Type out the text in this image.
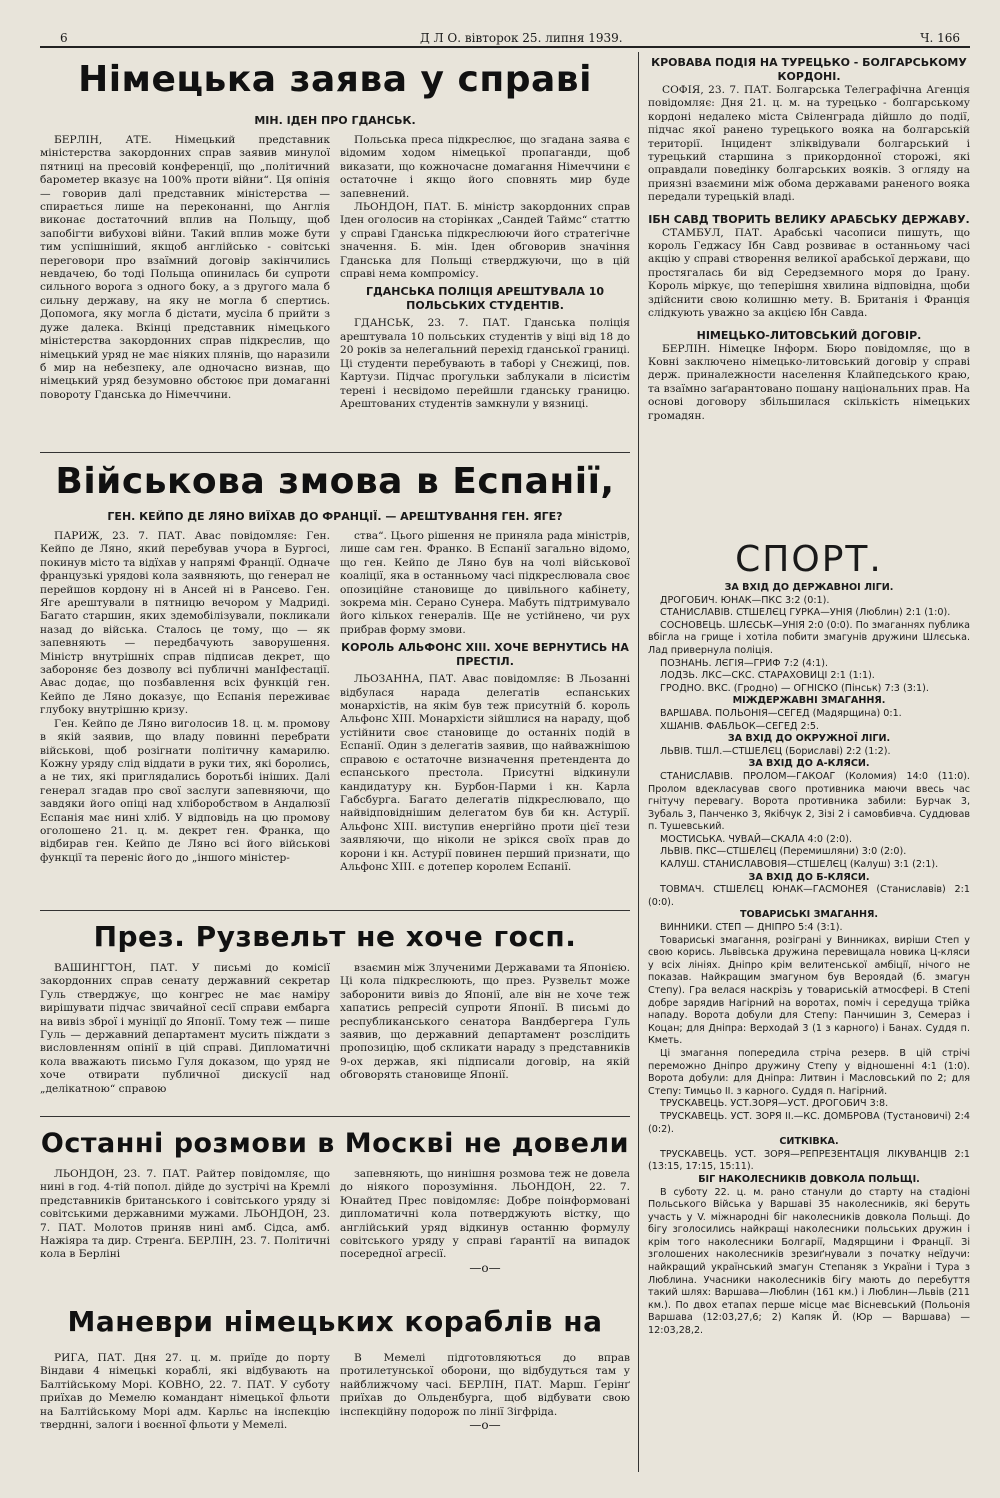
6	Д Л О. вівторок 25. липня 1939.	Ч. 166
Німецька заява у справі
МІН. ІДЕН ПРО ГДАНСЬК.

БЕРЛІН, АТЕ. Німецький представник міністерства закордонних справ заявив минулої пятниці на пресовій конференції, що „політичний барометер вказує на 100% проти війни“. Ця опінія — говорив далі представник міністерства — спирається лише на переконанні, що Англія виконає достаточний вплив на Польщу, щоб запобігти вибухові війни. Такий вплив може бути тим успішніший, якщоб англійсько - совітські переговори про взаїмний договір закінчились невдачею, бо тоді Польща опинилась би супроти сильного ворога з одного боку, а з другого мала б сильну державу, на яку не могла б спертись. Допомога, яку могла б дістати, мусіла б прийти з дуже далека. Вкінці представник німецького міністерства закордонних справ підкреслив, що німецький уряд не має ніяких плянів, що наразили б мир на небезпеку, але одночасно визнав, що німецький уряд безумовно обстоює при домаганні повороту Гданська до Німеччини.

Польська преса підкреслює, що згадана заява є відомим ходом німецької пропаганди, щоб виказати, що кожночасне домагання Німеччини є остаточне і якщо його сповнять мир буде запевнений.

ЛЬОНДОН, ПАТ. Б. міністр закордонних справ Іден оголосив на сторінках „Сандей Таймс“ статтю у справі Гданська підкреслюючи його стратегічне значення. Б. мін. Іден обговорив значіння Гданська для Польщі стверджуючи, що в цій справі нема компромісу.

ГДАНСЬКА ПОЛІЦІЯ АРЕШТУВАЛА 10 ПОЛЬСЬКИХ СТУДЕНТІВ.

ГДАНСЬК, 23. 7. ПАТ. Гданська поліція арештувала 10 польських студентів у віці від 18 до 20 років за нелегальний перехід гданської границі. Ці студенти перебувають в таборі у Снєжиці, пов. Картузи. Підчас прогульки заблукали в лісистім терені і несвідомо перейшли гданську границю. Арештованих студентів замкнули у вязниці.

Військова змова в Еспанії,
ГЕН. КЕЙПО ДЕ ЛЯНО ВИЇХАВ ДО ФРАНЦІЇ. — АРЕШТУВАННЯ ГЕН. ЯГЕ?

ПАРИЖ, 23. 7. ПАТ. Авас повідомляє: Ген. Кейпо де Ляно, який перебував учора в Бургосі, покинув місто та відїхав у напрямі Франції. Одначе французькі урядові кола заявняють, що генерал не перейшов кордону ні в Ансей ні в Рансево. Ген. Яге арештували в пятницю вечором у Мадриді. Багато старшин, яких здемобілізували, покликали назад до війська. Сталось це тому, що — як запевняють — передбачують заворушення. Міністр внутрішніх справ підписав декрет, що забороняє без дозволу всі публичні манІфестації. Авас додає, що позбавлення всіх функцій ген. Кейпо де Ляно доказує, що Еспанія переживає глубоку внутрішню кризу.

Ген. Кейпо де Ляно виголосив 18. ц. м. промову в якій заявив, що владу повинні перебрати військові, щоб розігнати політичну камарилю. Кожну уряду слід віддати в руки тих, які боролись, а не тих, які приглядались боротьбі ініших. Далі генерал згадав про свої заслуги запевняючи, що завдяки його опіці над хліборобством в Андалюзії Еспанія має нині хліб. У відповідь на цю промову оголошено 21. ц. м. декрет ген. Франка, що відбирав ген. Кейпо де Ляно всі його військові функції та переніс його до „іншого міністер-

ства“. Цього рішення не приняла рада міністрів, лише сам ген. Франко. В Еспанії загально відомо, що ген. Кейпо де Ляно був на чолі військової коаліції, яка в останньому часі підкреслювала своє опозиційне становище до цивільного кабінету, зокрема мін. Серано Сунера. Мабуть підтримувало його кількох генералів. Ще не устійнено, чи рух прибрав форму змови.

КОРОЛЬ АЛЬФОНС ХІІІ. ХОЧЕ ВЕРНУТИСЬ НА ПРЕСТІЛ.

ЛЬОЗАННА, ПАТ. Авас повідомляє: В Льозанні відбулася нарада делегатів еспанських монархістів, на якім був теж присутній б. король Альфонс ХІІІ. Монархісти зійшлися на нараду, щоб устійнити своє становище до останніх подій в Еспанії. Один з делегатів заявив, що найважнішою справою є остаточне визначення претендента до еспанського престола. Присутні відкинули кандидатуру кн. Бурбон-Парми і кн. Карла Габсбурга. Багато делегатів підкреслювало, що найвідповіднішим делегатом був би кн. Астурії. Альфонс ХІІІ. виступив енергійно проти цієї тези заявляючи, що ніколи не зрікся своїх прав до корони і кн. Астурії повинен перший признати, що Альфонс ХІІІ. є дотепер королем Еспанії.

През. Рузвельт не хоче госп.

ВАШИНГТОН, ПАТ. У письмі до комісії закордонних справ сенату державний секретар Гуль стверджує, що конгрес не має наміру вирішувати підчас звичайної сесії справи ембарга на вивіз зброї і муніції до Японії. Тому теж — пише Гуль — державний департамент мусить піждати з висловленням опінії в цій справі. Дипломатичні кола вважають письмо Гуля доказом, що уряд не хоче отвирати публичної дискусії над „делікатною“ справою

взаємин між Злученими Державами та Японією. Ці кола підкреслюють, що през. Рузвельт може заборонити вивіз до Японії, але він не хоче теж хапатись репресій супроти Японії. В письмі до республиканського сенатора Вандбергера Гуль заявив, що державний департамент розслідить пропозицію, щоб скликати нараду з представників 9-ох держав, які підписали договір, на якій обговорять становище Японії.

Останні розмови в Москві не довели

ЛЬОНДОН, 23. 7. ПАТ. Райтер повідомляє, що нині в год. 4-тій попол. дійде до зустрічі на Кремлі представників британського і совітського уряду зі совітськими державними мужами. ЛЬОНДОН, 23. 7. ПАТ. Молотов приняв нині амб. Сідса, амб. Нажіяра та дир. Стренґа. БЕРЛІН, 23. 7. Політичні кола в Берліні

запевняють, що нинішня розмова теж не довела до ніякого порозуміння. ЛЬОНДОН, 22. 7. Юнайтед Прес повідомляє: Добре поінформовані дипломатичні кола потверджують вістку, що англійський уряд відкинув останню формулу совітського уряду у справі ґарантії на випадок посередної агресії.

—о—
Маневри німецьких кораблів на

РИГА, ПАТ. Дня 27. ц. м. приїде до порту Віндави 4 німецькі кораблі, які відбувають на Балтійському Морі. КОВНО, 22. 7. ПАТ. У суботу приїхав до Мемелю командант німецької фльоти на Балтійському Морі адм. Карльс на інспекцію тверднні, залоги і воєнної фльоти у Мемелі.

В Мемелі підготовляються до вправ протилетунської оборони, що відбудуться там у найближчому часі. БЕРЛІН, ПАТ. Марш. Ґерінґ приїхав до Ольденбурга, щоб відбувати свою інспекційну подорож по лінії Зігфріда.

—о—
КРОВАВА ПОДІЯ НА ТУРЕЦЬКО - БОЛГАРСЬКОМУ КОРДОНІ.

СОФІЯ, 23. 7. ПАТ. Болгарська Телеграфічна Агенція повідомляє: Дня 21. ц. м. на турецько - болгарському кордоні недалеко міста Свіленграда дійшло до події, підчас якої ранено турецького вояка на болгарській території. Інцидент зліквідували болгарський і турецький старшина з прикордонної сторожі, які оправдали поведінку болгарських вояків. З огляду на приязні взаємини між обома державами раненого вояка передали турецькій владі.

ІБН САВД ТВОРИТЬ ВЕЛИКУ АРАБСЬКУ ДЕРЖАВУ.

СТАМБУЛ, ПАТ. Арабські часописи пишуть, що король Геджасу Ібн Савд розвиває в останньому часі акцію у справі створення великої арабської держави, що простягалась би від Середземного моря до Ірану. Король міркує, що теперішня хвилина відповідна, щоби здійснити свою колишню мету. В. Британія і Франція слідкують уважно за акцією Ібн Савда.

НІМЕЦЬКО-ЛИТОВСЬКИЙ ДОГОВІР.

БЕРЛІН. Німецке Інформ. Бюро повідомляє, що в Ковні заключено німецько-литовський договір у справі держ. приналежности населення Клайпедського краю, та взаїмно заґарантовано пошану національних прав. На основі договору збільшилася скількість німецьких громадян.

СПОРТ.
ЗА ВХІД ДО ДЕРЖАВНОЇ ЛІГИ.
ДРОГОБИЧ. ЮНАК—ПКС 3:2 (0:1).
СТАНИСЛАВІВ. СТШЕЛЄЦ ГУРКА—УНІЯ (Люблин) 2:1 (1:0).
СОСНОВЕЦЬ. ШЛЄСЬК—УНІЯ 2:0 (0:0). По змаганнях публика вбігла на грище і хотіла побити змагунів дружини Шлєська. Лад привернула поліція.
ПОЗНАНЬ. ЛЄГІЯ—ГРИФ 7:2 (4:1).
ЛОДЗЬ. ЛКС—СКС. СТАРАХОВИЦІ 2:1 (1:1).
ГРОДНО. ВКС. (Гродно) — ОГНІСКО (Пінськ) 7:3 (3:1).
МІЖДЕРЖАВНІ ЗМАГАННЯ.
ВАРШАВА. ПОЛЬОНІЯ—СЕГЕД (Мадярщина) 0:1.
ХШАНІВ. ФАБЛЬОК—СЕГЕД 2:5.
ЗА ВХІД ДО ОКРУЖНОЇ ЛІГИ.
ЛЬВІВ. ТШЛ.—СТШЕЛЄЦ (Бориславі) 2:2 (1:2).
ЗА ВХІД ДО А-КЛЯСИ.
СТАНИСЛАВІВ. ПРОЛОМ—ГАКОАГ (Коломия) 14:0 (11:0). Пролом вдекласував свого противника маючи ввесь час гнітучу перевагу. Ворота противника забили: Бурчак 3, Зубаль 3, Панченко 3, Якібчук 2, Зізі 2 і самовбивча. Суддював п. Тушевський.
МОСТИСЬКА. ЧУВАЙ—СКАЛА 4:0 (2:0).
ЛЬВІВ. ПКС—СТШЕЛЄЦ (Перемишляни) 3:0 (2:0).
КАЛУШ. СТАНИСЛАВОВІЯ—СТШЕЛЄЦ (Калуш) 3:1 (2:1).
ЗА ВХІД ДО Б-КЛЯСИ.
ТОВМАЧ. СТШЕЛЄЦ ЮНАК—ГАСМОНЕЯ (Станиславів) 2:1 (0:0).
ТОВАРИСЬКІ ЗМАГАННЯ.
ВИННИКИ. СТЕП — ДНІПРО 5:4 (3:1).
Товариські змагання, розіграні у Винниках, виріши Степ у свою корись. Львівська дружина перевищала новика Ц-кляси у всіх лініях. Дніпро крім велитенської амбіції, нічого не показав. Найкращим змагуном був Вероядай (б. змагун Степу). Гра велася наскрізь у товариській атмосфері. В Степі добре зарядив Нагірний на воротах, поміч і середуща трійка нападу. Ворота добули для Степу: Панчишин 3, Семерaз і Коцан; для Дніпра: Верходай 3 (1 з карного) і Банах. Суддя п. Кметь.
Ці змагання попередила стріча резерв. В цій стрічі переможно Дніпро дружину Степу у відношенні 4:1 (1:0). Ворота добули: для Дніпра: Литвин і Масловський по 2; для Степу: Тимцьо ІІ. з карного. Суддя п. Нагірний.
ТРУСКАВЕЦЬ. УСТ.ЗОРЯ—УСТ. ДРОГОБИЧ 3:8.
ТРУСКАВЕЦЬ. УСТ. ЗОРЯ ІІ.—КС. ДОМБРОВА (Тустановичі) 2:4 (0:2).
СИТКІВКА.
ТРУСКАВЕЦЬ. УСТ. ЗОРЯ—РЕПРЕЗЕНТАЦІЯ ЛІКУВАНЦІВ 2:1 (13:15, 17:15, 15:11).
БІГ НАКОЛЕСНИКІВ ДОВКОЛА ПОЛЬЩІ.
В суботу 22. ц. м. рано станули до старту на стадіоні Польського Війська у Варшаві 35 наколесників, які беруть участь у V. міжнародні біг наколесників довкола Польщі. До бігу зголосились найкращі наколесники польських дружин і крім того наколесники Болгарії, Мадярщини і Франції. Зі зголошених наколесників зрезиґнували з початку неїдучи: найкращий український змагун Степаняк з України і Тура з Люблина. Учасники наколесників бігу мають до перебуття такий шлях: Варшава—Люблин (161 км.) і Люблин—Львів (211 км.). По двох етапах перше місце має Вісневський (Польонія Варшава (12:03,27,6; 2) Капяк Й. (Юр — Варшава) — 12:03,28,2.
